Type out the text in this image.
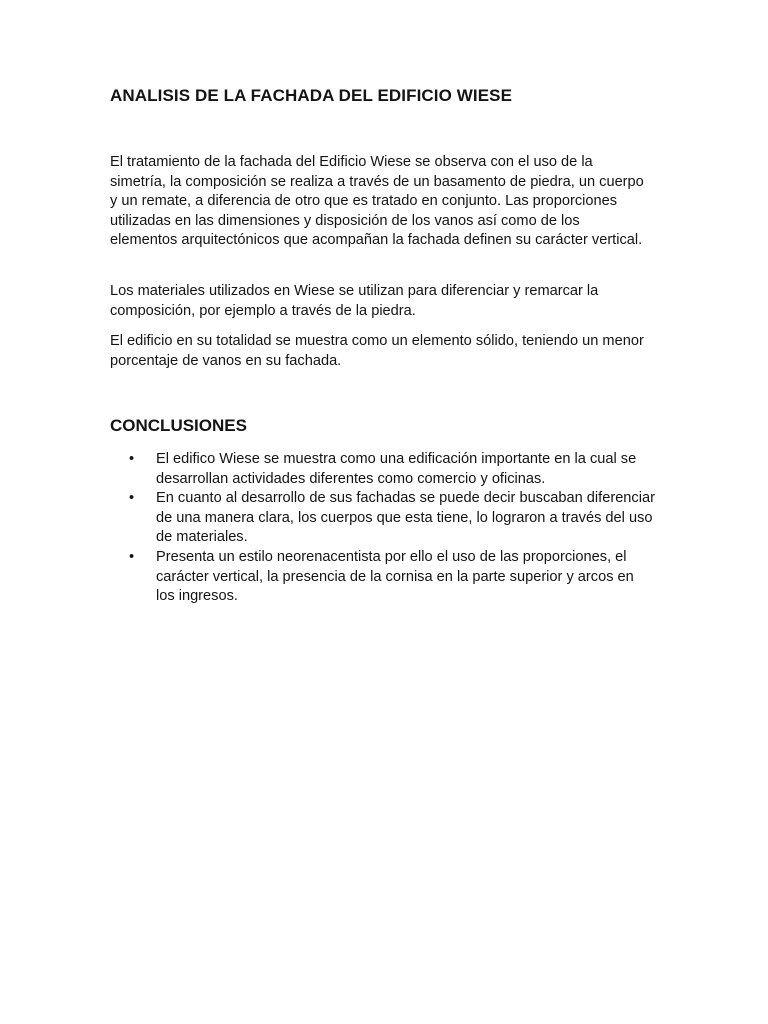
ANALISIS DE LA FACHADA DEL EDIFICIO WIESE

El tratamiento de la fachada del Edificio Wiese se observa con el uso de la simetría, la composición se realiza a través de un basamento de piedra, un cuerpo y un remate, a diferencia de otro que es tratado en conjunto. Las proporciones utilizadas en las dimensiones y disposición de los vanos así como de los elementos arquitectónicos que acompañan la fachada definen su carácter vertical.

Los materiales utilizados en Wiese se utilizan para diferenciar y remarcar la composición, por ejemplo a través de la piedra.

El edificio en su totalidad se muestra como un elemento sólido, teniendo un menor porcentaje de vanos en su fachada.

CONCLUSIONES
• El edifico Wiese se muestra como una edificación importante en la cual se desarrollan actividades diferentes como comercio y oficinas.
• En cuanto al desarrollo de sus fachadas se puede decir buscaban diferenciar de una manera clara, los cuerpos que esta tiene, lo lograron a través del uso de materiales.
• Presenta un estilo neorenacentista por ello el uso de las proporciones, el carácter vertical, la presencia de la cornisa en la parte superior y arcos en los ingresos.
